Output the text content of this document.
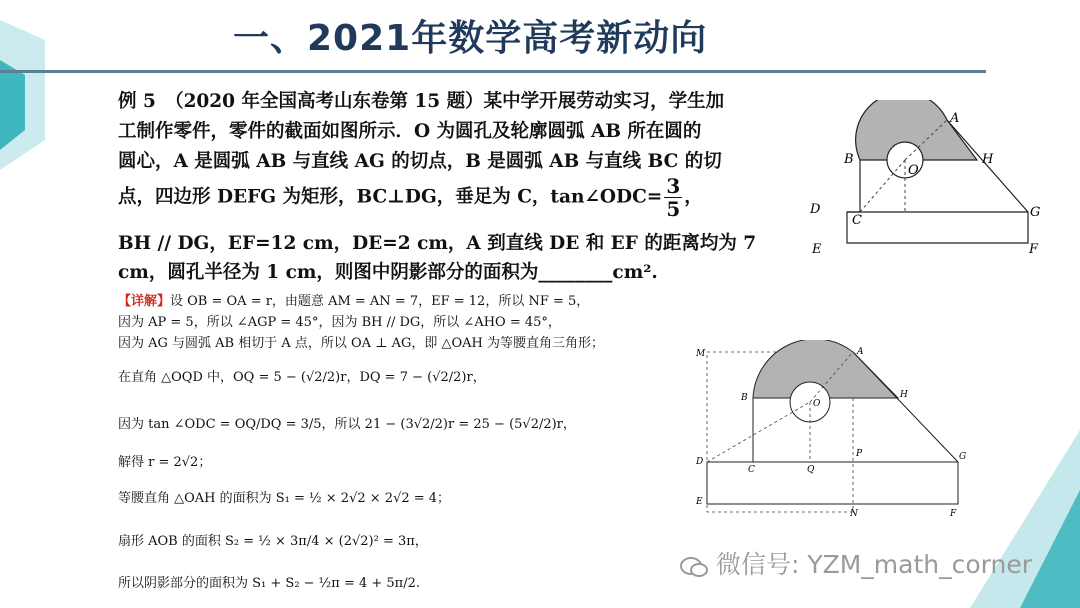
一、2021年数学高考新动向
例 5　（2020 年全国高考山东卷第 15 题）某中学开展劳动实习，学生加
工制作零件，零件的截面如图所示．O 为圆孔及轮廓圆弧 AB 所在圆的
圆心，A 是圆弧 AB 与直线 AG 的切点，B 是圆弧 AB 与直线 BC 的切
点，四边形 DEFG 为矩形，BC⊥DG，垂足为 C，tan∠ODC= $\frac{3}{5}$ ，
BH // DG，EF=12 cm，DE=2 cm，A 到直线 DE 和 EF 的距离均为 7
cm，圆孔半径为 1 cm，则图中阴影部分的面积为________cm².
【详解】设 OB = OA = r，由题意 AM = AN = 7，EF = 12，所以 NF = 5，
因为 AP = 5，所以 ∠AGP = 45°，因为 BH // DG，所以 ∠AHO = 45°，
因为 AG 与圆弧 AB 相切于 A 点，所以 OA ⊥ AG，即 △OAH 为等腰直角三角形；
在直角 △OQD 中，OQ = 5 − (√2/2)r，DQ = 7 − (√2/2)r，
因为 tan ∠ODC = OQ/DQ = 3/5，所以 21 − (3√2/2)r = 25 − (5√2/2)r，
解得 r = 2√2；
等腰直角 △OAH 的面积为 S₁ = ½ × 2√2 × 2√2 = 4；
扇形 AOB 的面积 S₂ = ½ × 3π/4 × (2√2)² = 3π，
所以阴影部分的面积为 S₁ + S₂ − ½π = 4 + 5π/2.
A
B	H
O
D
C
G
E	F
M	A
B
O
H
D
C	Q
P	G
E
N	F
微信号: YZM_math_corner
